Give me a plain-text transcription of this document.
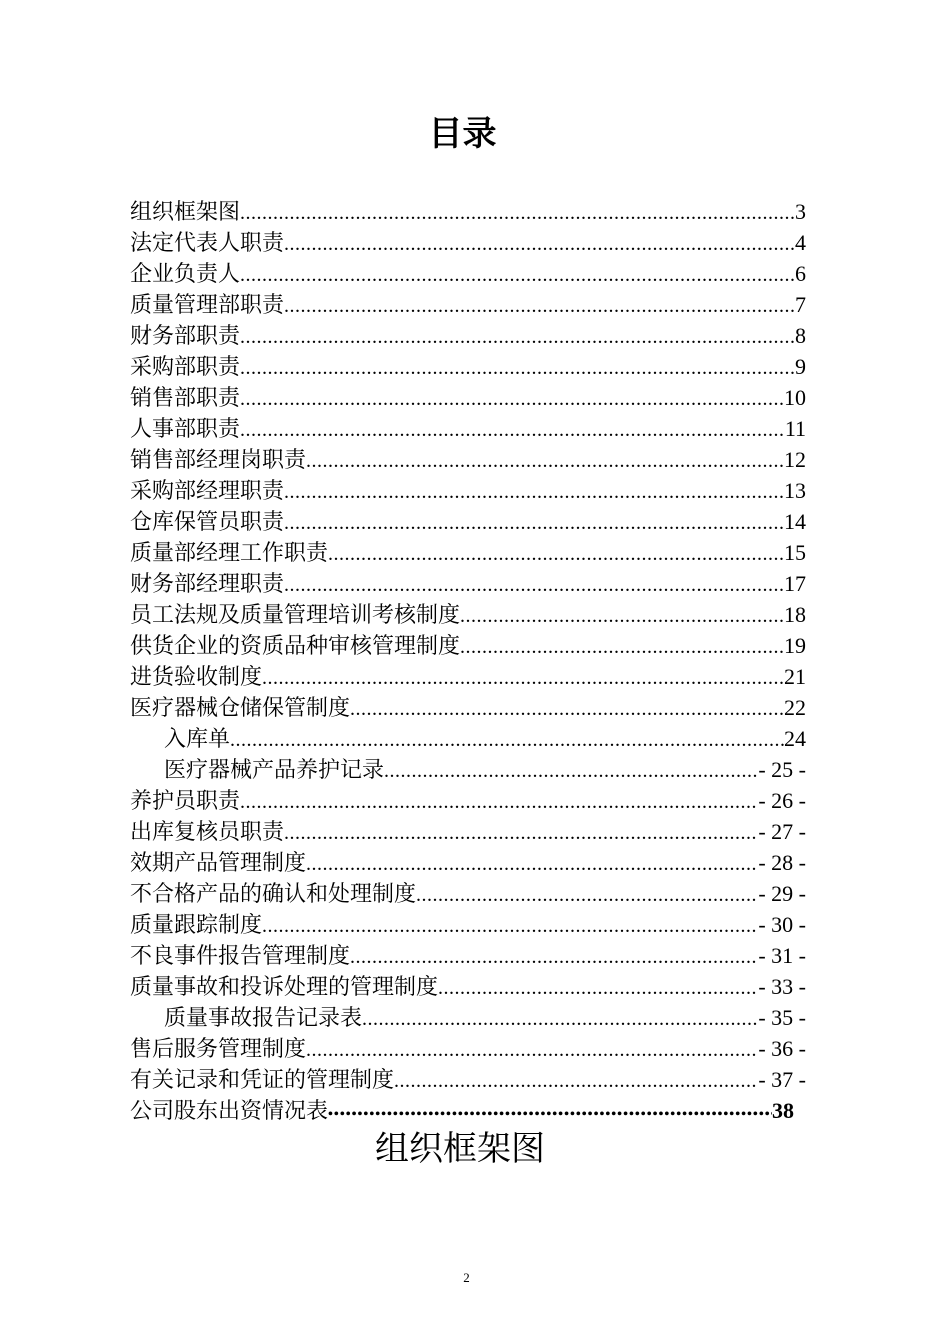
目录
组织框架图 .....	3
法定代表人职责 .....	4
企业负责人 .....	6
质量管理部职责 .....	7
财务部职责 .....	8
采购部职责 .....	9
销售部职责 .....	10
人事部职责 .....	11
销售部经理岗职责 .....	12
采购部经理职责 .....	13
仓库保管员职责 .....	14
质量部经理工作职责 .....	15
财务部经理职责 .....	17
员工法规及质量管理培训考核制度 .....	18
供货企业的资质品种审核管理制度 .....	19
进货验收制度 .....	21
医疗器械仓储保管制度 .....	22
入库单 .....	24
医疗器械产品养护记录 .....	- 25 -
养护员职责 .....	- 26 -
出库复核员职责 .....	- 27 -
效期产品管理制度 .....	- 28 -
不合格产品的确认和处理制度 .....	- 29 -
质量跟踪制度 .....	- 30 -
不良事件报告管理制度 .....	- 31 -
质量事故和投诉处理的管理制度 .....	- 33 -
质量事故报告记录表 .....	- 35 -
售后服务管理制度 .....	- 36 -
有关记录和凭证的管理制度 .....	- 37 -
公司股东出资情况表 •••••	38
组织框架图
2
